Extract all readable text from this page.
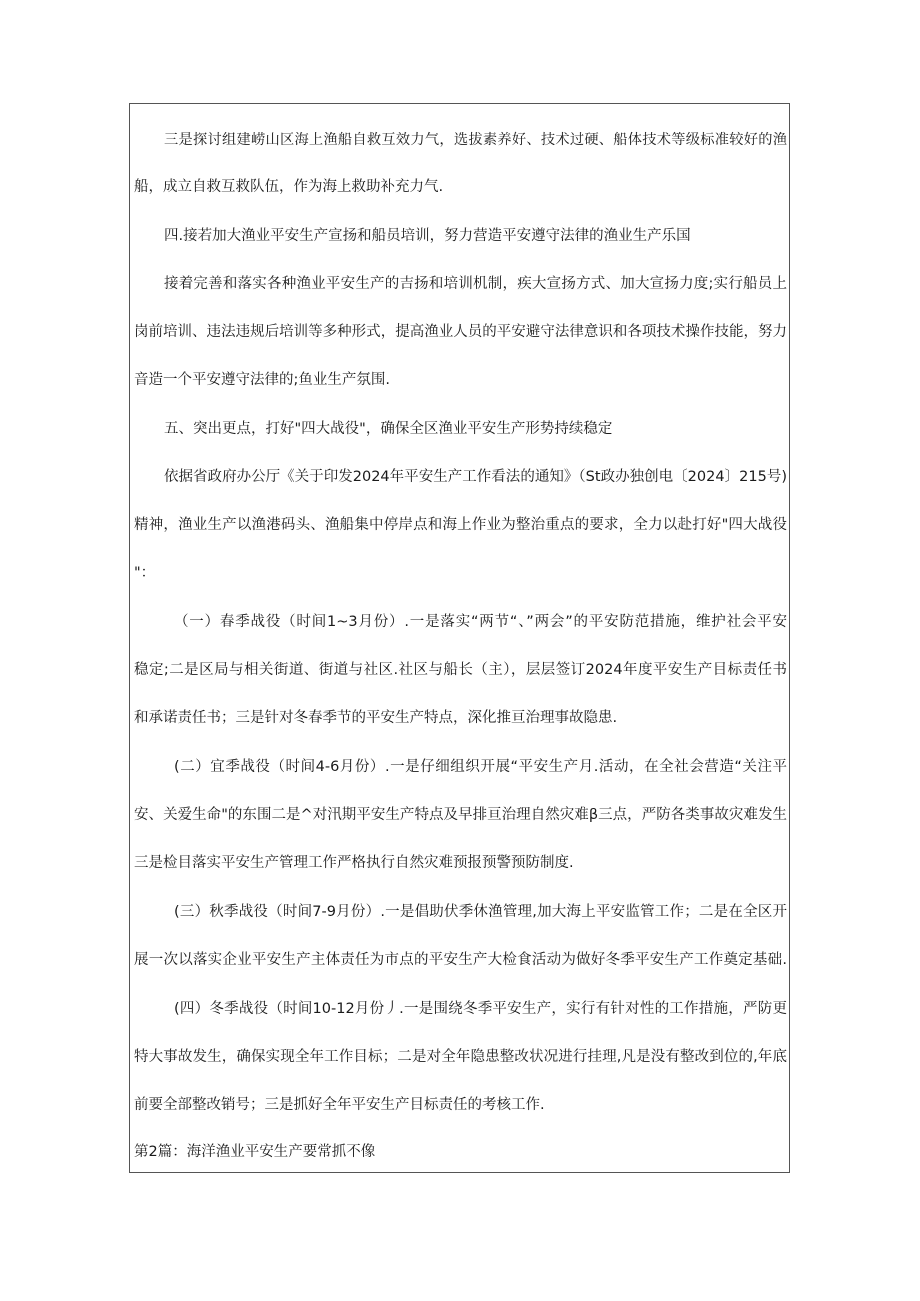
三是探讨组建崂山区海上渔船自救互效力气，选拔素养好、技术过硬、船体技术等级标准较好的渔
船，成立自救互救队伍，作为海上救助补充力气.
四.接若加大渔业平安生产宣扬和船员培训，努力营造平安遵守法律的渔业生产乐国
接着完善和落实各种渔业平安生产的吉扬和培训机制，疾大宣扬方式、加大宣扬力度;实行船员上
岗前培训、违法违规后培训等多种形式，提高渔业人员的平安避守法律意识和各项技术操作技能，努力
音造一个平安遵守法律的;鱼业生产氛围.
五、突出更点，打好"四大战役"，确保全区渔业平安生产形势持续稳定
依据省政府办公厅《关于印发2024年平安生产工作看法的通知》（St政办独创电〔2024〕215号)
精神，渔业生产以渔港码头、渔船集中停岸点和海上作业为整治重点的要求，全力以赴打好"四大战役
"：
（一）春季战役（时间1~3月份）.一是落实“两节“、”两会”的平安防范措施，维护社会平安
稳定;二是区局与相关街道、街道与社区.社区与船长（主），层层签订2024年度平安生产目标责任书
和承诺责任书；三是针对冬春季节的平安生产特点，深化推亘治理事故隐患.
(二）宜季战役（时间4-6月份）.一是仔细组织开展“平安生产月.活动，在全社会营造“关注平
安、关爱生命"的东围二是^对汛期平安生产特点及早排亘治理自然灾难β三点，严防各类事故灾难发生
三是检目落实平安生产管理工作严格执行自然灾难预报预警预防制度.
(三）秋季战役（时间7-9月份）.一是倡助伏季休渔管理,加大海上平安监管工作；二是在全区开
展一次以落实企业平安生产主体责任为市点的平安生产大检食活动为做好冬季平安生产工作奠定基础.
(四）冬季战役（时间10-12月份丿.一是围绕冬季平安生产，实行有针对性的工作措施，严防更
特大事故发生，确保实现全年工作目标；二是对全年隐患整改状况进行挂理,凡是没有整改到位的,年底
前要全部整改销号；三是抓好全年平安生产目标责任的考核工作.
第2篇：海洋渔业平安生产要常抓不像
